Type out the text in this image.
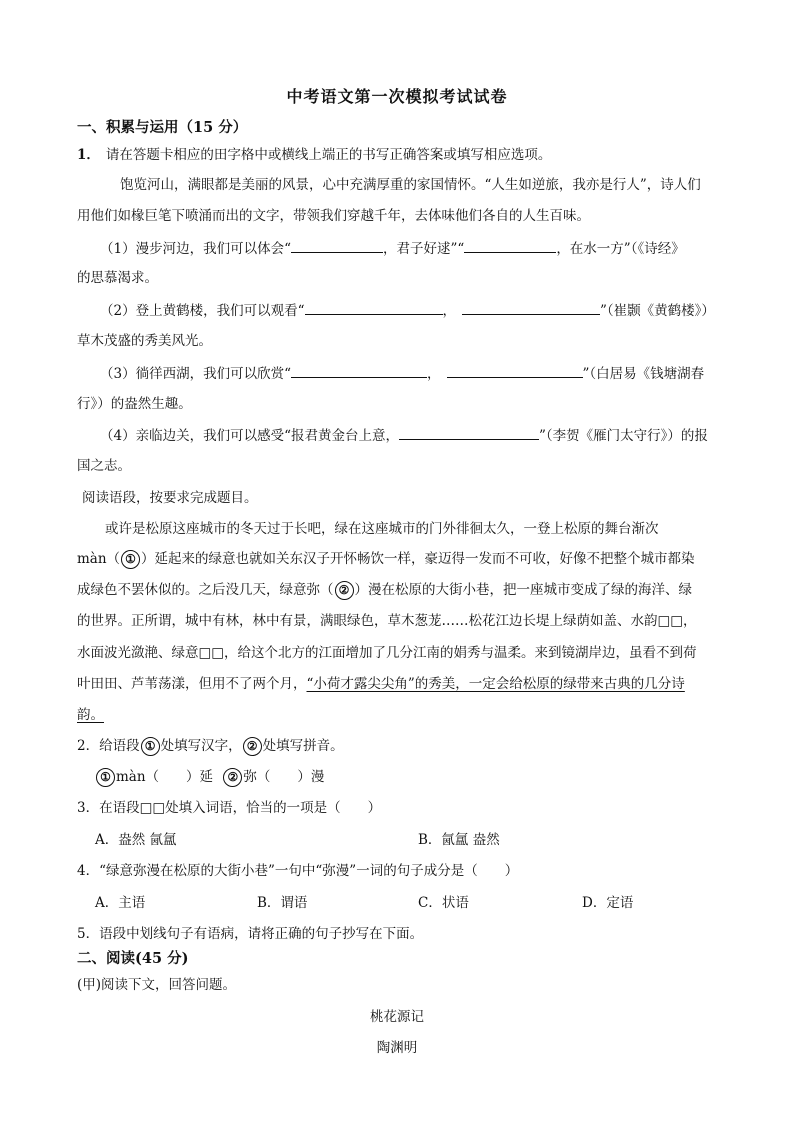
中考语文第一次模拟考试试卷
一、积累与运用（15 分）
1． 请在答题卡相应的田字格中或横线上端正的书写正确答案或填写相应选项。
饱览河山，满眼都是美丽的风景，心中充满厚重的家国情怀。“人生如逆旅，我亦是行人”，诗人们
用他们如椽巨笔下喷涌而出的文字，带领我们穿越千年，去体味他们各自的人生百味。
（1）漫步河边，我们可以体会“	，君子好逑”“	，在水一方”（《诗经》
的思慕渴求。
（2）登上黄鹤楼，我们可以观看“	，	”（崔颢《黄鹤楼》）
草木茂盛的秀美风光。
（3）徜徉西湖，我们可以欣赏“	，	”（白居易《钱塘湖春
行》）的盎然生趣。
（4）亲临边关，我们可以感受“报君黄金台上意，	”（李贺《雁门太守行》）的报
国之志。
阅读语段，按要求完成题目。
或许是松原这座城市的冬天过于长吧，绿在这座城市的门外徘徊太久，一登上松原的舞台渐次
màn（ ① ）延起来的绿意也就如关东汉子开怀畅饮一样，豪迈得一发而不可收，好像不把整个城市都染
成绿色不罢休似的。之后没几天，绿意弥（ ② ）漫在松原的大街小巷，把一座城市变成了绿的海洋、绿
的世界。正所谓，城中有林，林中有景，满眼绿色，草木葱茏……松花江边长堤上绿荫如盖、水韵□□，
水面波光潋滟、绿意□□，给这个北方的江面增加了几分江南的娟秀与温柔。来到镜湖岸边，虽看不到荷
叶田田、芦苇荡漾，但用不了两个月，“小荷才露尖尖角”的秀美，一定会给松原的绿带来古典的几分诗
韵。
2．给语段 ① 处填写汉字， ② 处填写拼音。
① màn（　　）延 ② 弥（　　）漫
3．在语段□□处填入词语，恰当的一项是（　　）
A．盎然 氤氲	B．氤氲 盎然
4．“绿意弥漫在松原的大街小巷”一句中“弥漫”一词的句子成分是（　　）
A．主语	B．谓语	C．状语	D．定语
5．语段中划线句子有语病，请将正确的句子抄写在下面。
二、阅读(45 分)
(甲)阅读下文，回答问题。
桃花源记
陶渊明
